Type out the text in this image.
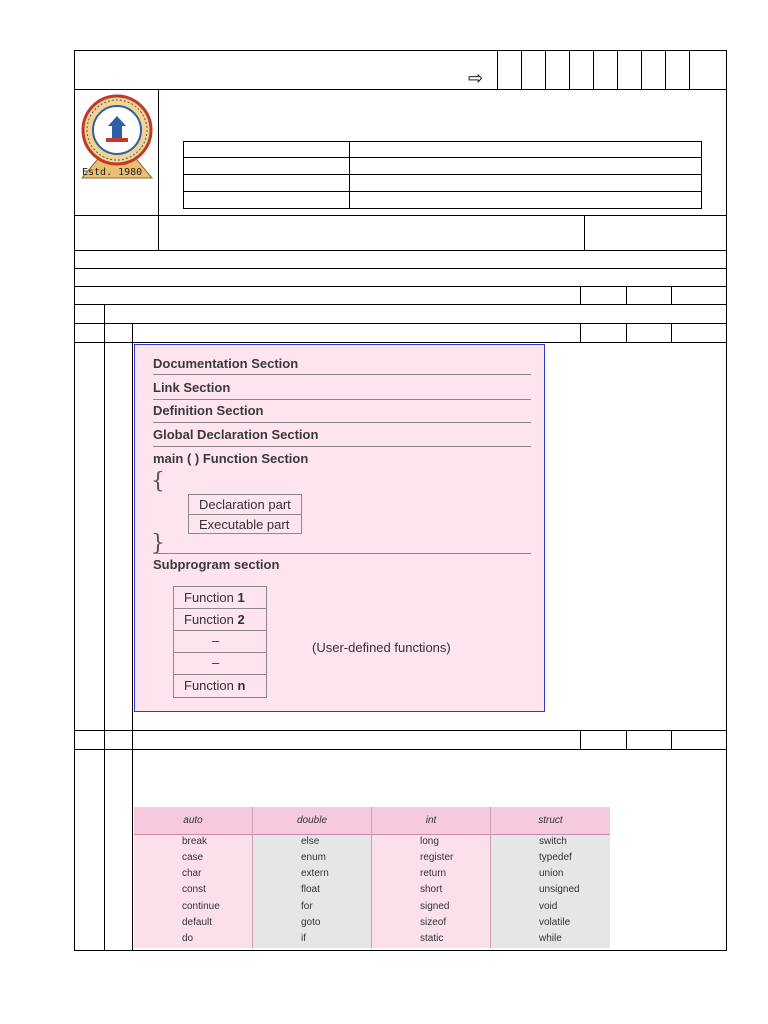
⇨
Estd. 1980
Documentation Section
Link Section
Definition Section
Global Declaration Section
main ( ) Function Section
{
Declaration part
Executable part
}
Subprogram section
Function 1
Function 2
–
–
Function n
(User-defined functions)
auto
break
case
char
const
continue
default
do
double
else
enum
extern
float
for
goto
if
int
long
register
return
short
signed
sizeof
static
struct
switch
typedef
union
unsigned
void
volatile
while
